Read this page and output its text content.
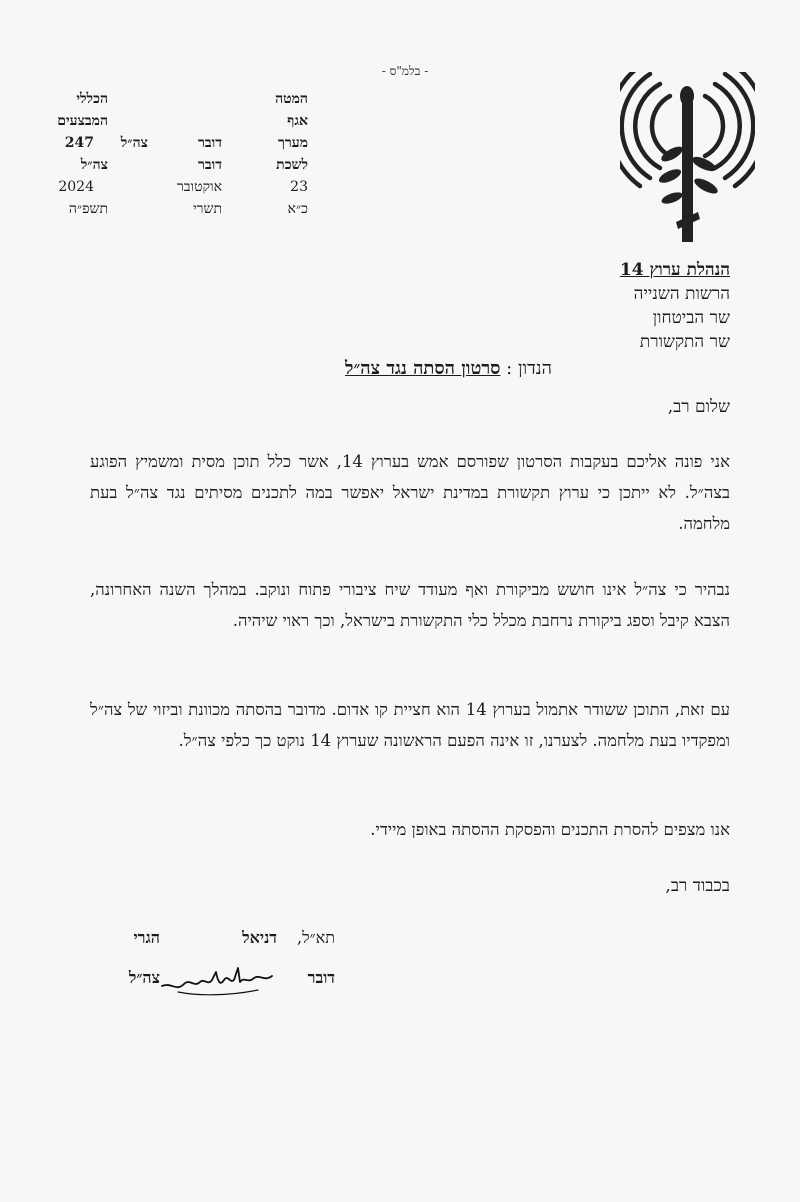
- בלמ"ס -
המטה
הכללי
אגף
המבצעים
מערך
דובר
צה״ל
247
לשכת
דובר
צה״ל
23
אוקטובר
2024
כ״א
תשרי
תשפ״ה
הנהלת ערוץ 14
הרשות השנייה
שר הביטחון
שר התקשורת
הנדון : סרטון הסתה נגד צה״ל
שלום רב,
אני פונה אליכם בעקבות הסרטון שפורסם אמש בערוץ 14, אשר כלל תוכן מסית ומשמיץ הפוגע בצה״ל. לא ייתכן כי ערוץ תקשורת במדינת ישראל יאפשר במה לתכנים מסיתים נגד צה״ל בעת מלחמה.
נבהיר כי צה״ל אינו חושש מביקורת ואף מעודד שיח ציבורי פתוח ונוקב. במהלך השנה האחרונה, הצבא קיבל וספג ביקורת נרחבת מכלל כלי התקשורת בישראל, וכך ראוי שיהיה.
עם זאת, התוכן ששודר אתמול בערוץ 14 הוא חציית קו אדום. מדובר בהסתה מכוונת וביזוי של צה״ל ומפקדיו בעת מלחמה. לצערנו, זו אינה הפעם הראשונה שערוץ 14 נוקט כך כלפי צה״ל.
אנו מצפים להסרת התכנים והפסקת ההסתה באופן מיידי.
בכבוד רב,
תא״ל,
דניאל
הגרי
דובר
צה״ל
